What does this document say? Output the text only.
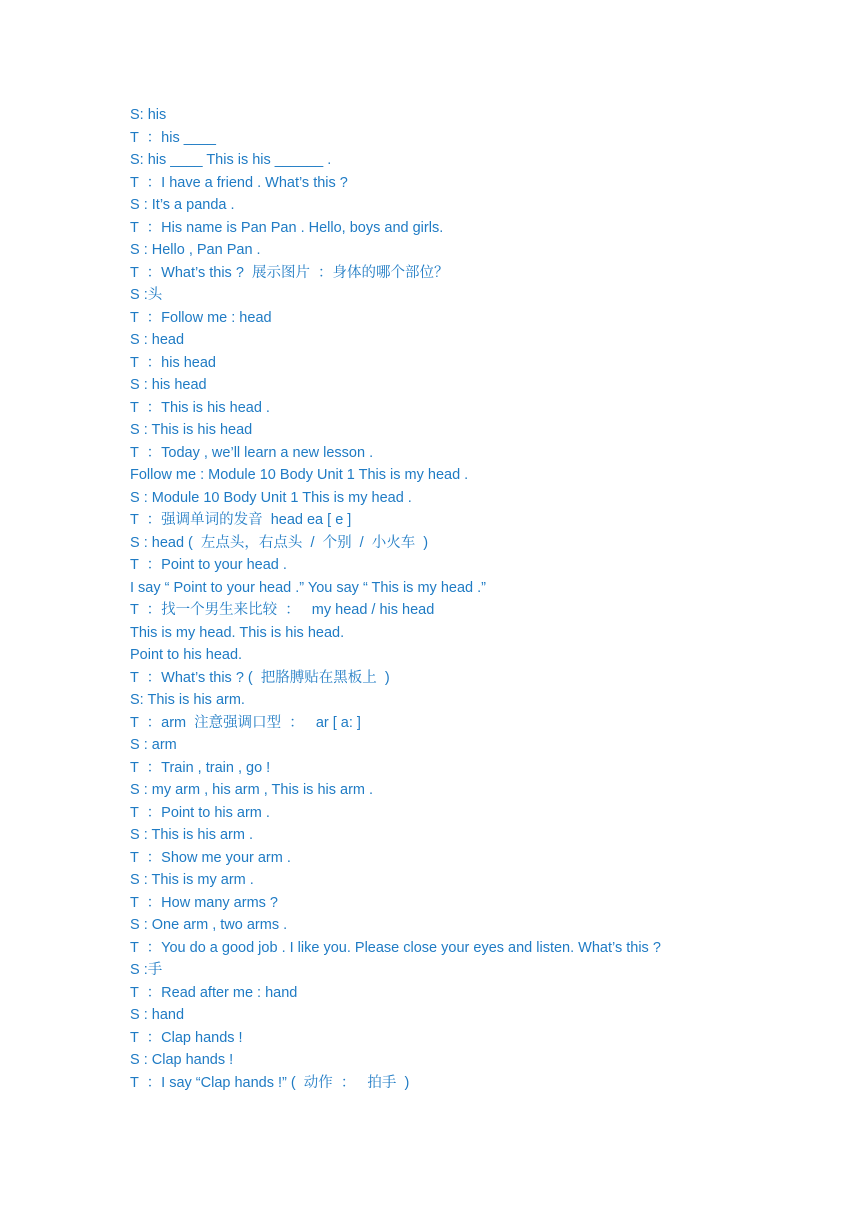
S: his
T  ：his ____
S: his ____ This is his ______ .
T  ：I have a friend . What’s this ?
S : It’s a panda .
T  ：His name is Pan Pan . Hello, boys and girls.
S : Hello , Pan Pan .
T  ：What’s this ?  展示图片  ：身体的哪个部位？
S :头
T  ：Follow me : head
S : head
T  ：his head
S : his head
T  ：This is his head .
S : This is his head
T  ：Today , we’ll learn a new lesson .
Follow me : Module 10 Body Unit 1 This is my head .
S : Module 10 Body Unit 1 This is my head .
T  ：强调单词的发音  head ea [ e ]
S : head (  左点头，右点头  /  个别  /  小火车  )
T  ：Point to your head .
I say “ Point to your head .” You say “ This is my head .”
T  ：找一个男生来比较  ：   my head / his head
This is my head. This is his head.
Point to his head.
T  ：What’s this ? (  把胳膊贴在黑板上  )
S: This is his arm.
T  ：arm  注意强调口型  ：   ar [ a: ]
S : arm
T  ：Train , train , go !
S : my arm , his arm , This is his arm .
T  ：Point to his arm .
S : This is his arm .
T  ：Show me your arm .
S : This is my arm .
T  ：How many arms ?
S : One arm , two arms .
T  ：You do a good job . I like you. Please close your eyes and listen. What’s this ?
S :手
T  ：Read after me : hand
S : hand
T  ：Clap hands !
S : Clap hands !
T  ：I say “Clap hands !” (  动作  ：   拍手  )
